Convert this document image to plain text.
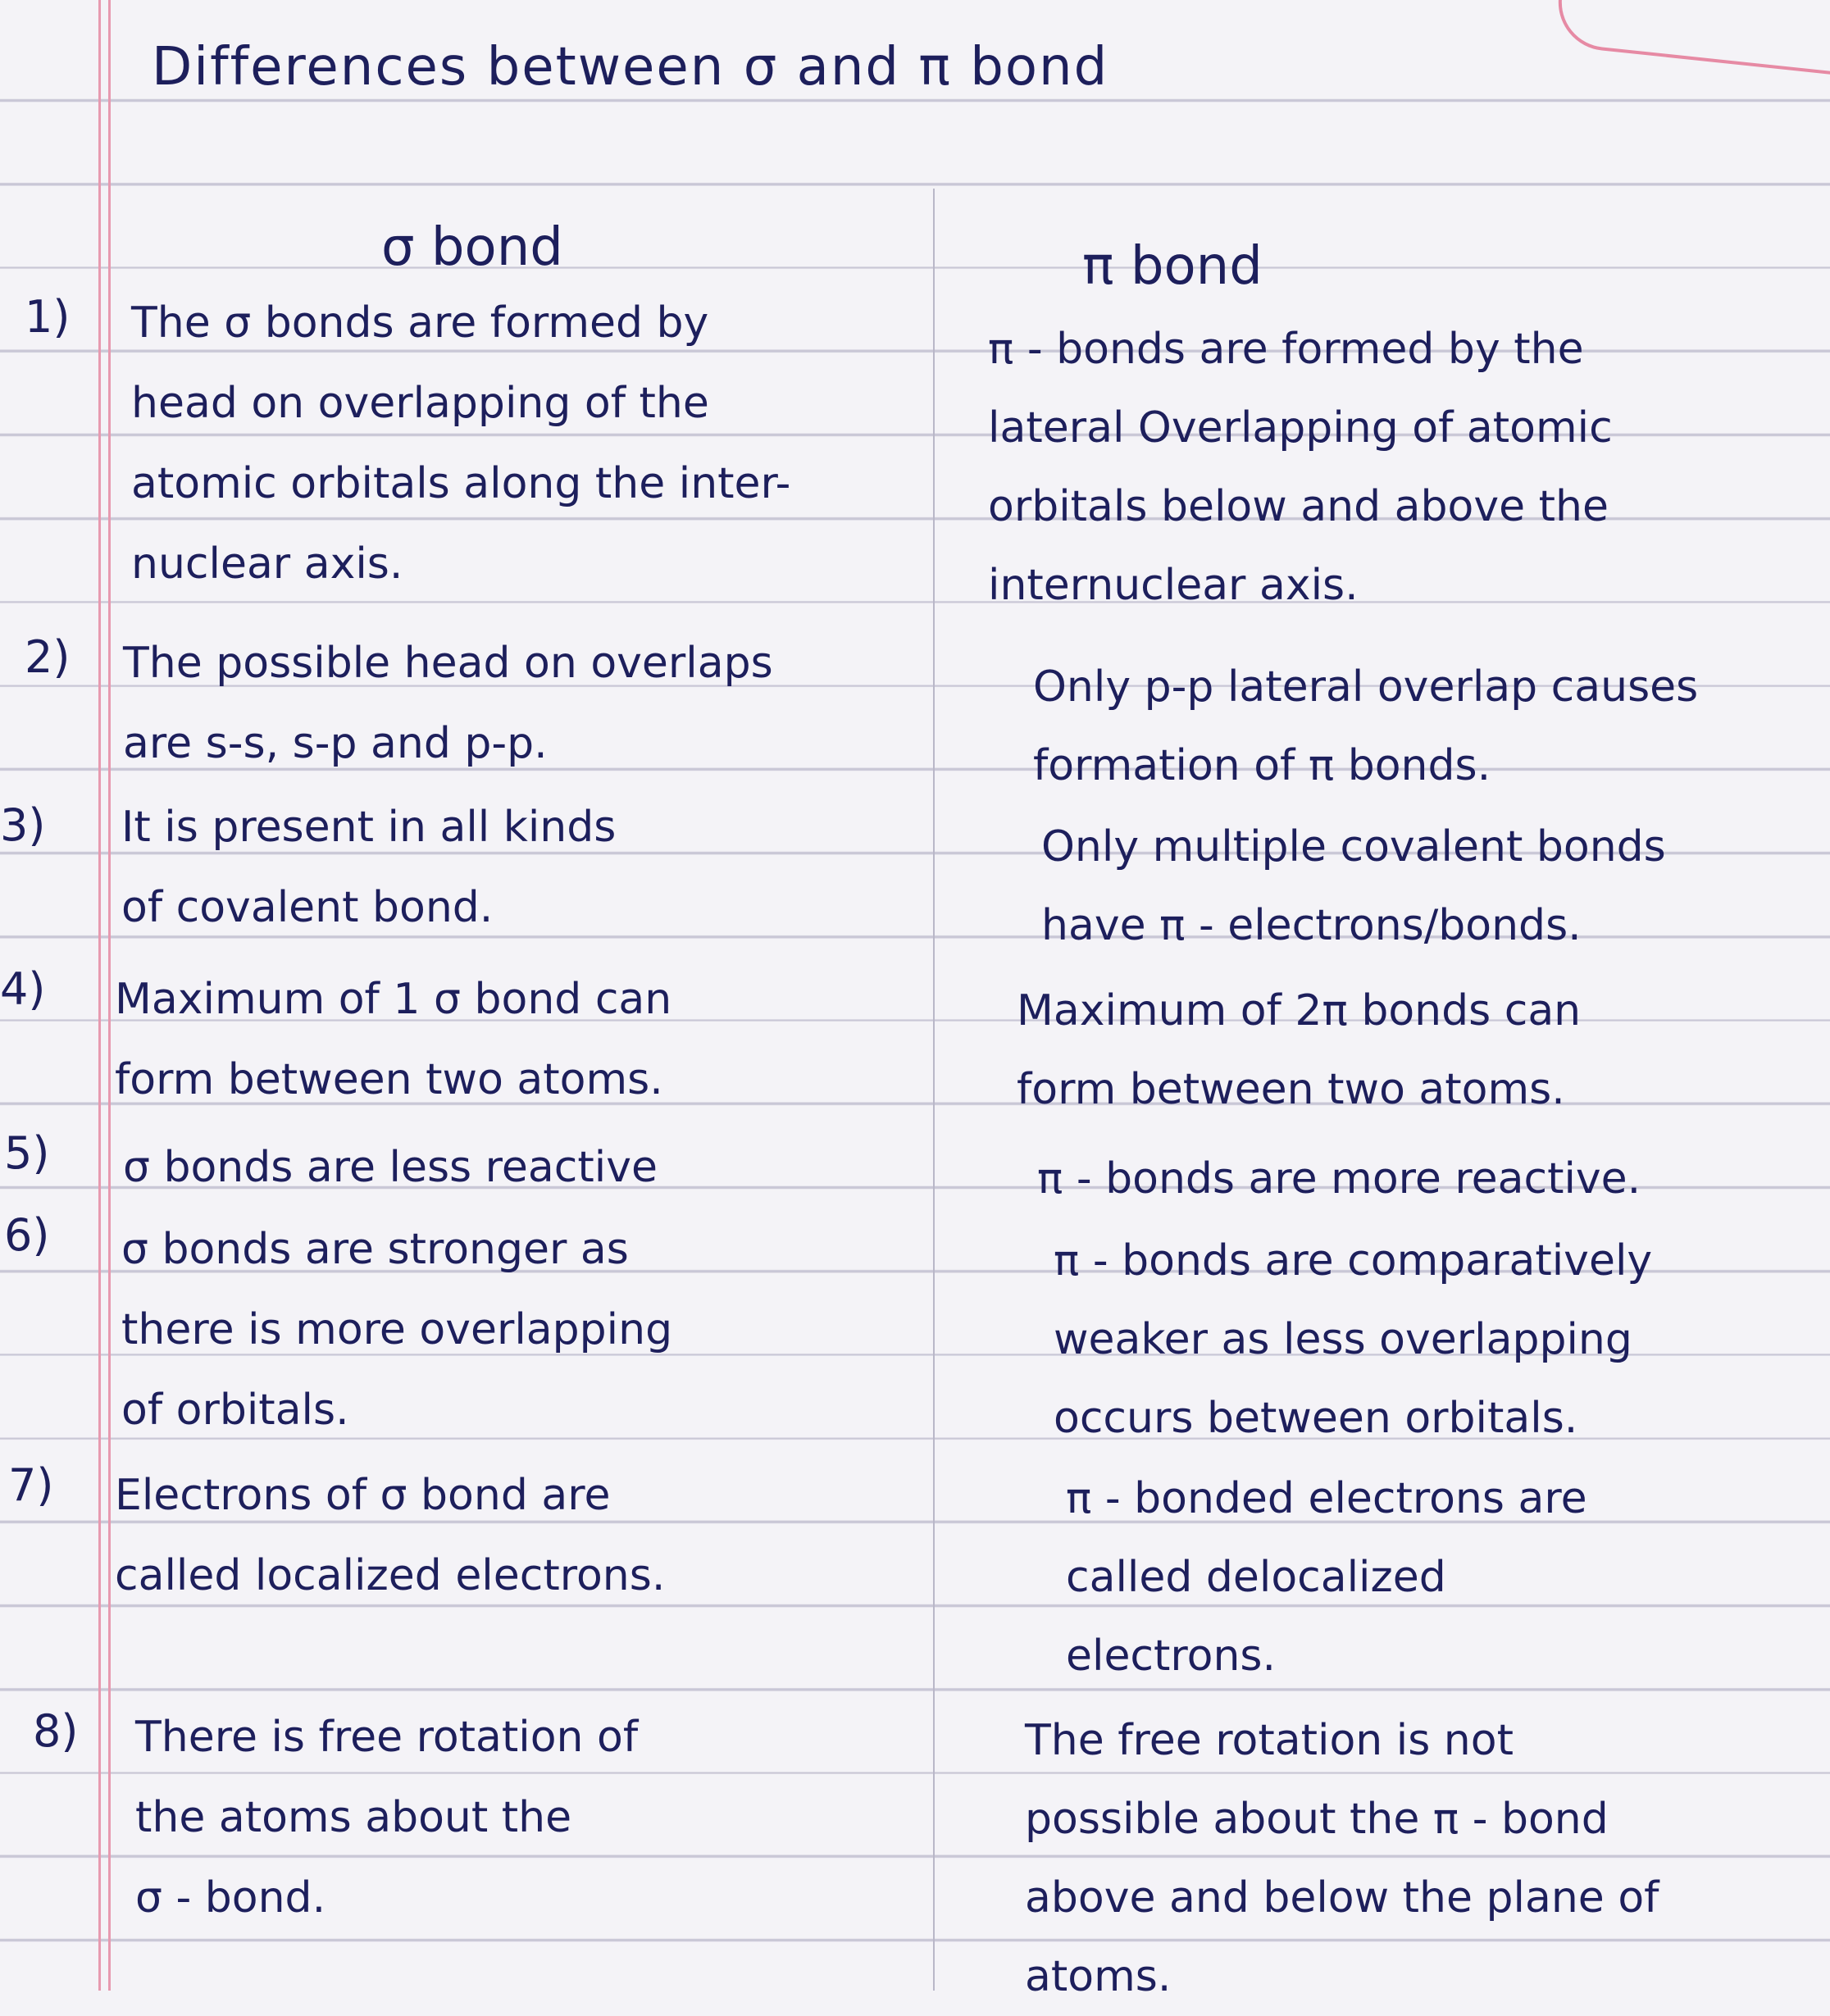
Differences between σ and π bond
σ bond	π bond
1) The σ bonds are formed by
head on overlapping of the
atomic orbitals along the inter-
nuclear axis.
π - bonds are formed by the
lateral Overlapping of atomic
orbitals below and above the
internuclear axis.
2) The possible head on overlaps
are s-s, s-p and p-p.
Only p-p lateral overlap causes
formation of π bonds.
3) It is present in all kinds
of covalent bond.
Only multiple covalent bonds
have π - electrons/bonds.
4) Maximum of 1 σ bond can
form between two atoms.
Maximum of 2π bonds can
form between two atoms.
5) σ bonds are less reactive	π - bonds are more reactive.
6) σ bonds are stronger as
there is more overlapping
of orbitals.
π - bonds are comparatively
weaker as less overlapping
occurs between orbitals.
7) Electrons of σ bond are
called localized electrons.
π - bonded electrons are
called delocalized
electrons.
8) There is free rotation of
the atoms about the
σ - bond.
The free rotation is not
possible about the π - bond
above and below the plane of
atoms.
